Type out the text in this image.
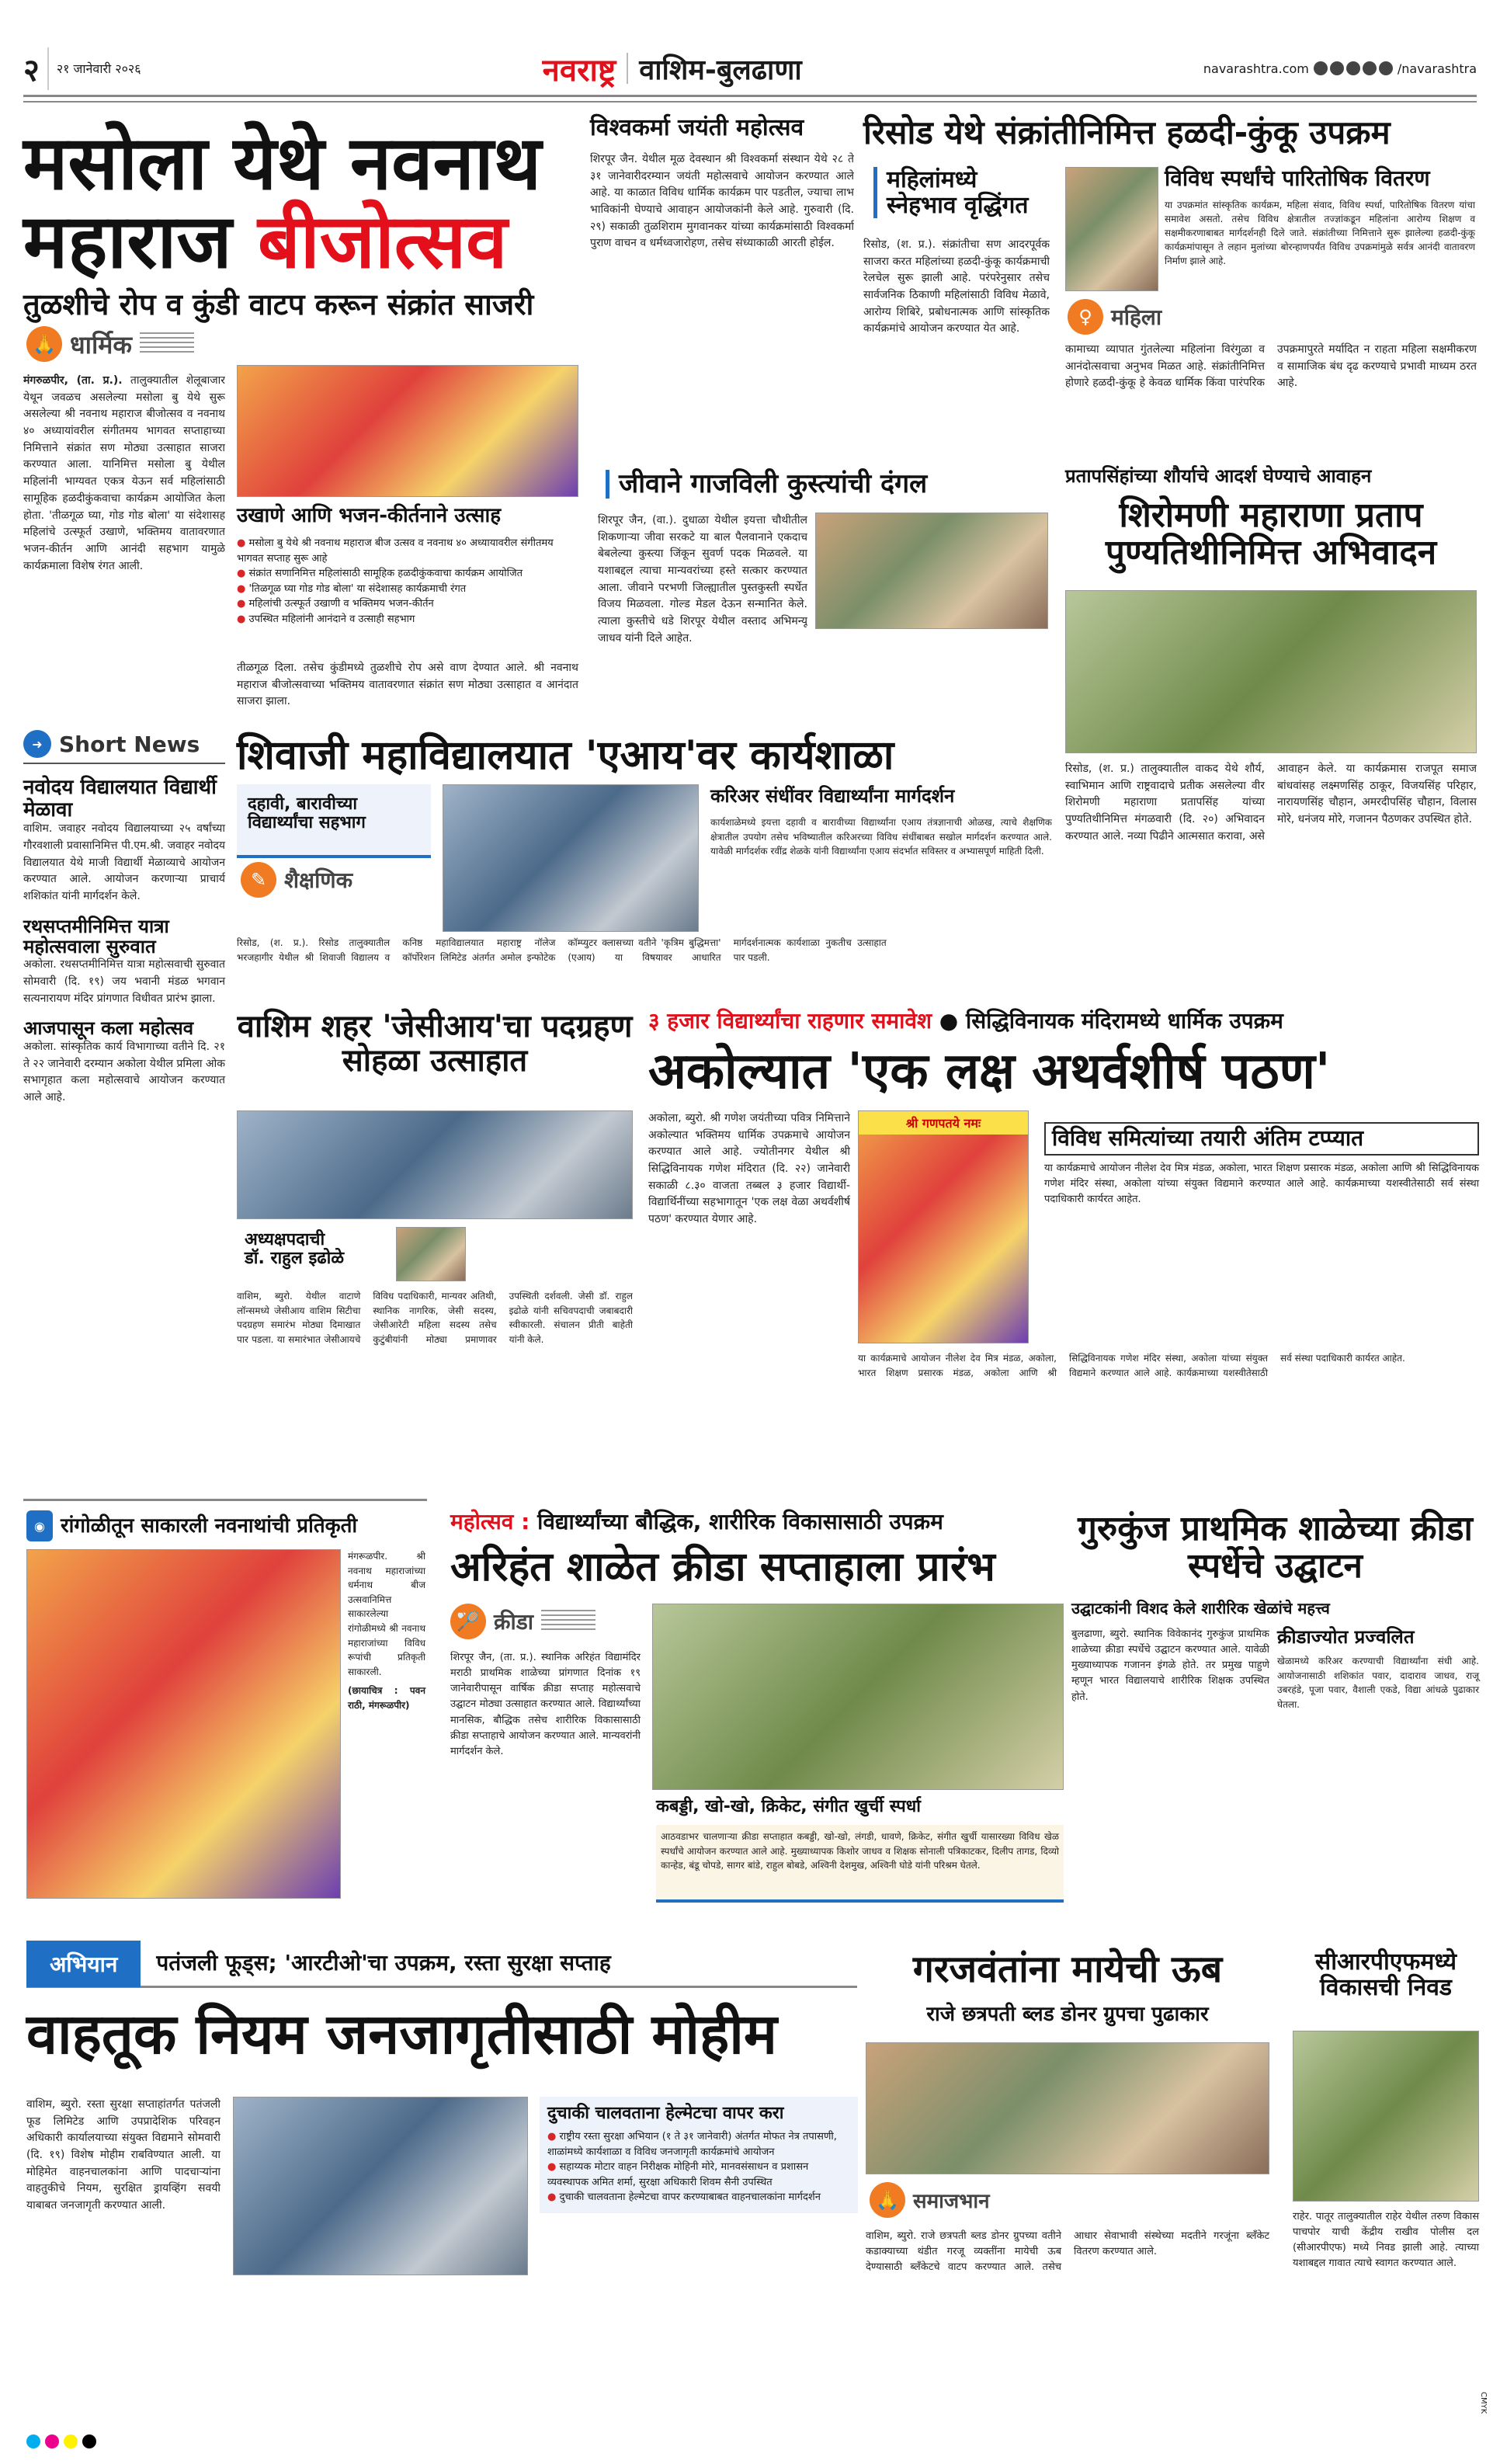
२	२१ जानेवारी २०२६	नवराष्ट्र वाशिम-बुलढाणा	navarashtra.com	/navarashtra
मसोला येथे नवनाथ
महाराज बीजोत्सव
तुळशीचे रोप व कुंडी वाटप करून संक्रांत साजरी
🙏 धार्मिक
मंगरुळपीर, (ता. प्र.). तालुक्यातील शेलूबाजार येथून जवळच असलेल्या मसोला बु येथे सुरू असलेल्या श्री नवनाथ महाराज बीजोत्सव व नवनाथ ४० अध्यायांवरील संगीतमय भागवत सप्ताहाच्या निमित्ताने संक्रांत सण मोठ्या उत्साहात साजरा करण्यात आला. यानिमित्त मसोला बु येथील महिलांनी भाग्यवत एकत्र येऊन सर्व महिलांसाठी सामूहिक हळदीकुंकवाचा कार्यक्रम आयोजित केला होता. 'तीळगूळ घ्या, गोड गोड बोला' या संदेशासह महिलांचे उत्स्फूर्त उखाणे, भक्तिमय वातावरणात भजन-कीर्तन आणि आनंदी सहभाग यामुळे कार्यक्रमाला विशेष रंगत आली.
उखाणे आणि भजन-कीर्तनाने उत्साह
● मसोला बु येथे श्री नवनाथ महाराज बीज उत्सव व नवनाथ ४० अध्यायावरील संगीतमय भागवत सप्ताह सुरू आहे
● संक्रांत सणानिमित्त महिलांसाठी सामूहिक हळदीकुंकवाचा कार्यक्रम आयोजित
● 'तिळगूळ घ्या गोड गोड बोला' या संदेशासह कार्यक्रमाची रंगत
● महिलांची उत्स्फूर्त उखाणी व भक्तिमय भजन-कीर्तन
● उपस्थित महिलांनी आनंदाने व उत्साही सहभाग
तीळगूळ दिला. तसेच कुंडीमध्ये तुळशीचे रोप असे वाण देण्यात आले. श्री नवनाथ महाराज बीजोत्सवाच्या भक्तिमय वातावरणात संक्रांत सण मोठ्या उत्साहात व आनंदात साजरा झाला.
विश्वकर्मा जयंती महोत्सव
शिरपूर जैन. येथील मूळ देवस्थान श्री विश्वकर्मा संस्थान येथे २८ ते ३१ जानेवारीदरम्यान जयंती महोत्सवाचे आयोजन करण्यात आले आहे. या काळात विविध धार्मिक कार्यक्रम पार पडतील, ज्याचा लाभ भाविकांनी घेण्याचे आवाहन आयोजकांनी केले आहे. गुरुवारी (दि. २९) सकाळी तुळशिराम मुगवानकर यांच्या कार्यक्रमांसाठी विश्वकर्मा पुराण वाचन व धर्मध्वजारोहण, तसेच संध्याकाळी आरती होईल.
रिसोड येथे संक्रांतीनिमित्त हळदी-कुंकू उपक्रम
महिलांमध्ये स्नेहभाव वृद्धिंगत
रिसोड, (श. प्र.). संक्रांतीचा सण आदरपूर्वक साजरा करत महिलांच्या हळदी-कुंकू कार्यक्रमाची रेलचेल सुरू झाली आहे. परंपरेनुसार तसेच सार्वजनिक ठिकाणी महिलांसाठी विविध मेळावे, आरोग्य शिबिरे, प्रबोधनात्मक आणि सांस्कृतिक कार्यक्रमांचे आयोजन करण्यात येत आहे.
विविध स्पर्धांचे पारितोषिक वितरण
या उपक्रमांत सांस्कृतिक कार्यक्रम, महिला संवाद, विविध स्पर्धा, पारितोषिक वितरण यांचा समावेश असतो. तसेच विविध क्षेत्रातील तज्ज्ञांकडून महिलांना आरोग्य शिक्षण व सक्षमीकरणाबाबत मार्गदर्शनही दिले जाते. संक्रांतीच्या निमित्ताने सुरू झालेल्या हळदी-कुंकू कार्यक्रमांपासून ते लहान मुलांच्या बोरन्हाणपर्यंत विविध उपक्रमांमुळे सर्वत्र आनंदी वातावरण निर्माण झाले आहे.
♀ महिला
कामाच्या व्यापात गुंतलेल्या महिलांना विरंगुळा व आनंदोत्सवाचा अनुभव मिळत आहे. संक्रांतीनिमित्त होणारे हळदी-कुंकू हे केवळ धार्मिक किंवा पारंपरिक उपक्रमापुरते मर्यादित न राहता महिला सक्षमीकरण व सामाजिक बंध दृढ करण्याचे प्रभावी माध्यम ठरत आहे.
जीवाने गाजविली कुस्त्यांची दंगल
शिरपूर जैन, (वा.). दुधाळा येथील इयत्ता चौथीतील शिकणाऱ्या जीवा सरकटे या बाल पैलवानाने एकदाच बेबलेल्या कुस्त्या जिंकून सुवर्ण पदक मिळवले. या यशाबद्दल त्याचा मान्यवरांच्या हस्ते सत्कार करण्यात आला. जीवाने परभणी जिल्ह्यातील पुस्तकुस्ती स्पर्धेत विजय मिळवला. गोल्ड मेडल देऊन सन्मानित केले. त्याला कुस्तीचे धडे शिरपूर येथील वस्ताद अभिमन्यू जाधव यांनी दिले आहेत.
प्रतापसिंहांच्या शौर्याचे आदर्श घेण्याचे आवाहन
शिरोमणी महाराणा प्रताप
पुण्यतिथीनिमित्त अभिवादन
रिसोड, (श. प्र.) तालुक्यातील वाकद येथे शौर्य, स्वाभिमान आणि राष्ट्रवादाचे प्रतीक असलेल्या वीर शिरोमणी महाराणा प्रतापसिंह यांच्या पुण्यतिथीनिमित्त मंगळवारी (दि. २०) अभिवादन करण्यात आले. नव्या पिढीने आत्मसात करावा, असे आवाहन केले. या कार्यक्रमास राजपूत समाज बांधवांसह लक्ष्मणसिंह ठाकूर, विजयसिंह परिहार, नारायणसिंह चौहान, अमरदीपसिंह चौहान, विलास मोरे, धनंजय मोरे, गजानन पैठणकर उपस्थित होते.
➜ Short News
नवोदय विद्यालयात विद्यार्थी मेळावा
वाशिम. जवाहर नवोदय विद्यालयाच्या २५ वर्षांच्या गौरवशाली प्रवासानिमित्त पी.एम.श्री. जवाहर नवोदय विद्यालयात येथे माजी विद्यार्थी मेळाव्याचे आयोजन करण्यात आले. आयोजन करणाऱ्या प्राचार्य शशिकांत यांनी मार्गदर्शन केले.
रथसप्तमीनिमित्त यात्रा महोत्सवाला सुरुवात
अकोला. रथसप्तमीनिमित्त यात्रा महोत्सवाची सुरुवात सोमवारी (दि. १९) जय भवानी मंडळ भगवान सत्यनारायण मंदिर प्रांगणात विधीवत प्रारंभ झाला.
आजपासून कला महोत्सव
अकोला. सांस्कृतिक कार्य विभागाच्या वतीने दि. २१ ते २२ जानेवारी दरम्यान अकोला येथील प्रमिला ओक सभागृहात कला महोत्सवाचे आयोजन करण्यात आले आहे.
शिवाजी महाविद्यालयात 'एआय'वर कार्यशाळा
दहावी, बारावीच्या विद्यार्थ्यांचा सहभाग
✎ शैक्षणिक
करिअर संधींवर विद्यार्थ्यांना मार्गदर्शन
कार्यशाळेमध्ये इयत्ता दहावी व बारावीच्या विद्यार्थ्यांना एआय तंत्रज्ञानाची ओळख, त्याचे शैक्षणिक क्षेत्रातील उपयोग तसेच भविष्यातील करिअरच्या विविध संधींबाबत सखोल मार्गदर्शन करण्यात आले. यावेळी मार्गदर्शक रवींद्र शेळके यांनी विद्यार्थ्यांना एआय संदर्भात सविस्तर व अभ्यासपूर्ण माहिती दिली.
रिसोड, (श. प्र.). रिसोड तालुक्यातील भरजहागीर येथील श्री शिवाजी विद्यालय व कनिष्ठ महाविद्यालयात महाराष्ट्र नॉलेज कॉर्पोरेशन लिमिटेड अंतर्गत अमोल इन्फोटेक कॉम्प्युटर क्लासच्या वतीने 'कृत्रिम बुद्धिमत्ता' (एआय) या विषयावर आधारित मार्गदर्शनात्मक कार्यशाळा नुकतीच उत्साहात पार पडली.
वाशिम शहर 'जेसीआय'चा पदग्रहण सोहळा उत्साहात
अध्यक्षपदाची
डॉ. राहुल इढोळे
वाशिम, ब्युरो. येथील वाटाणे लॉन्समध्ये जेसीआय वाशिम सिटीचा पदग्रहण समारंभ मोठ्या दिमाखात पार पडला. या समारंभात जेसीआयचे विविध पदाधिकारी, मान्यवर अतिथी, स्थानिक नागरिक, जेसी सदस्य, जेसीआरेटी महिला सदस्य तसेच कुटुंबीयांनी मोठ्या प्रमाणावर उपस्थिती दर्शवली. जेसी डॉ. राहुल इढोळे यांनी सचिवपदाची जबाबदारी स्वीकारली. संचालन प्रीती बाहेती यांनी केले.
३ हजार विद्यार्थ्यांचा राहणार समावेश ● सिद्धिविनायक मंदिरामध्ये धार्मिक उपक्रम
अकोल्यात 'एक लक्ष अथर्वशीर्ष पठण'
अकोला, ब्युरो. श्री गणेश जयंतीच्या पवित्र निमित्ताने अकोल्यात भक्तिमय धार्मिक उपक्रमाचे आयोजन करण्यात आले आहे. ज्योतीनगर येथील श्री सिद्धिविनायक गणेश मंदिरात (दि. २२) जानेवारी सकाळी ८.३० वाजता तब्बल ३ हजार विद्यार्थी-विद्यार्थिनींच्या सहभागातून 'एक लक्ष वेळा अथर्वशीर्ष पठण' करण्यात येणार आहे.
श्री गणपतये नमः
विविध समित्यांच्या तयारी अंतिम टप्प्यात
या कार्यक्रमाचे आयोजन नीलेश देव मित्र मंडळ, अकोला, भारत शिक्षण प्रसारक मंडळ, अकोला आणि श्री सिद्धिविनायक गणेश मंदिर संस्था, अकोला यांच्या संयुक्त विद्यमाने करण्यात आले आहे. कार्यक्रमाच्या यशस्वीतेसाठी सर्व संस्था पदाधिकारी कार्यरत आहेत.
या कार्यक्रमाचे आयोजन नीलेश देव मित्र मंडळ, अकोला, भारत शिक्षण प्रसारक मंडळ, अकोला आणि श्री सिद्धिविनायक गणेश मंदिर संस्था, अकोला यांच्या संयुक्त विद्यमाने करण्यात आले आहे. कार्यक्रमाच्या यशस्वीतेसाठी सर्व संस्था पदाधिकारी कार्यरत आहेत.
◉ रांगोळीतून साकारली नवनाथांची प्रतिकृती
मंगरूळपीर. श्री नवनाथ महाराजांच्या धर्मनाथ बीज उत्सवानिमित्त साकारलेल्या रांगोळीमध्ये श्री नवनाथ महाराजांच्या विविध रूपांची प्रतिकृती साकारली.
(छायाचित्र : पवन राठी, मंगरूळपीर)
महोत्सव : विद्यार्थ्यांच्या बौद्धिक, शारीरिक विकासासाठी उपक्रम
अरिहंत शाळेत क्रीडा सप्ताहाला प्रारंभ
🏸 क्रीडा
शिरपूर जैन, (ता. प्र.). स्थानिक अरिहंत विद्यामंदिर मराठी प्राथमिक शाळेच्या प्रांगणात दिनांक १९ जानेवारीपासून वार्षिक क्रीडा सप्ताह महोत्सवाचे उद्घाटन मोठ्या उत्साहात करण्यात आले. विद्यार्थ्यांच्या मानसिक, बौद्धिक तसेच शारीरिक विकासासाठी क्रीडा सप्ताहाचे आयोजन करण्यात आले. मान्यवरांनी मार्गदर्शन केले.
कबड्डी, खो-खो, क्रिकेट, संगीत खुर्ची स्पर्धा
आठवडाभर चालणाऱ्या क्रीडा सप्ताहात कबड्डी, खो-खो, लंगडी, धावणे, क्रिकेट, संगीत खुर्ची यासारख्या विविध खेळ स्पर्धांचे आयोजन करण्यात आले आहे. मुख्याध्यापक किशोर जाधव व शिक्षक सोनाली पत्रिकाटकर, दिलीप तागड, दिव्यो कान्हेड, बंडू चोपडे, सागर बांडे, राहुल बोबडे, अश्विनी देशमुख, अश्विनी घोडे यांनी परिश्रम घेतले.
गुरुकुंज प्राथमिक शाळेच्या क्रीडा स्पर्धेचे उद्घाटन
उद्घाटकांनी विशद केले शारीरिक खेळांचे महत्त्व
बुलढाणा, ब्युरो. स्थानिक विवेकानंद गुरुकुंज प्राथमिक शाळेच्या क्रीडा स्पर्धेचे उद्घाटन करण्यात आले. यावेळी मुख्याध्यापक गजानन इंगळे होते. तर प्रमुख पाहुणे म्हणून भारत विद्यालयाचे शारीरिक शिक्षक उपस्थित होते.
क्रीडाज्योत प्रज्वलित
खेळामध्ये करिअर करण्याची विद्यार्थ्यांना संधी आहे. आयोजनासाठी शशिकांत पवार, दादाराव जाधव, राजू उबरहंडे, पूजा पवार, वैशाली एकडे, विद्या आंधळे पुढाकार घेतला.
अभियान	पतंजली फूड्स; 'आरटीओ'चा उपक्रम, रस्ता सुरक्षा सप्ताह
वाहतूक नियम जनजागृतीसाठी मोहीम
वाशिम, ब्युरो. रस्ता सुरक्षा सप्ताहांतर्गत पतंजली फूड लिमिटेड आणि उपप्रादेशिक परिवहन अधिकारी कार्यालयाच्या संयुक्त विद्यमाने सोमवारी (दि. १९) विशेष मोहीम राबविण्यात आली. या मोहिमेत वाहनचालकांना आणि पादचाऱ्यांना वाहतुकीचे नियम, सुरक्षित ड्रायव्हिंग सवयी याबाबत जनजागृती करण्यात आली.
दुचाकी चालवताना हेल्मेटचा वापर करा
● राष्ट्रीय रस्ता सुरक्षा अभियान (१ ते ३१ जानेवारी) अंतर्गत मोफत नेत्र तपासणी, शाळांमध्ये कार्यशाळा व विविध जनजागृती कार्यक्रमांचे आयोजन
● सहाय्यक मोटार वाहन निरीक्षक मोहिनी मोरे, मानवसंसाधन व प्रशासन व्यवस्थापक अमित शर्मा, सुरक्षा अधिकारी शिवम सैनी उपस्थित
● दुचाकी चालवताना हेल्मेटचा वापर करण्याबाबत वाहनचालकांना मार्गदर्शन
गरजवंतांना मायेची ऊब
राजे छत्रपती ब्लड डोनर ग्रुपचा पुढाकार
🙏 समाजभान
वाशिम, ब्युरो. राजे छत्रपती ब्लड डोनर ग्रुपच्या वतीने कडाक्याच्या थंडीत गरजू व्यक्तींना मायेची ऊब देण्यासाठी ब्लँकेटचे वाटप करण्यात आले. तसेच आधार सेवाभावी संस्थेच्या मदतीने गरजूंना ब्लँकेट वितरण करण्यात आले.
सीआरपीएफमध्ये विकासची निवड
राहेर. पातूर तालुक्यातील राहेर येथील तरुण विकास पाचपोर याची केंद्रीय राखीव पोलीस दल (सीआरपीएफ) मध्ये निवड झाली आहे. त्याच्या यशाबद्दल गावात त्याचे स्वागत करण्यात आले.
CMYK
